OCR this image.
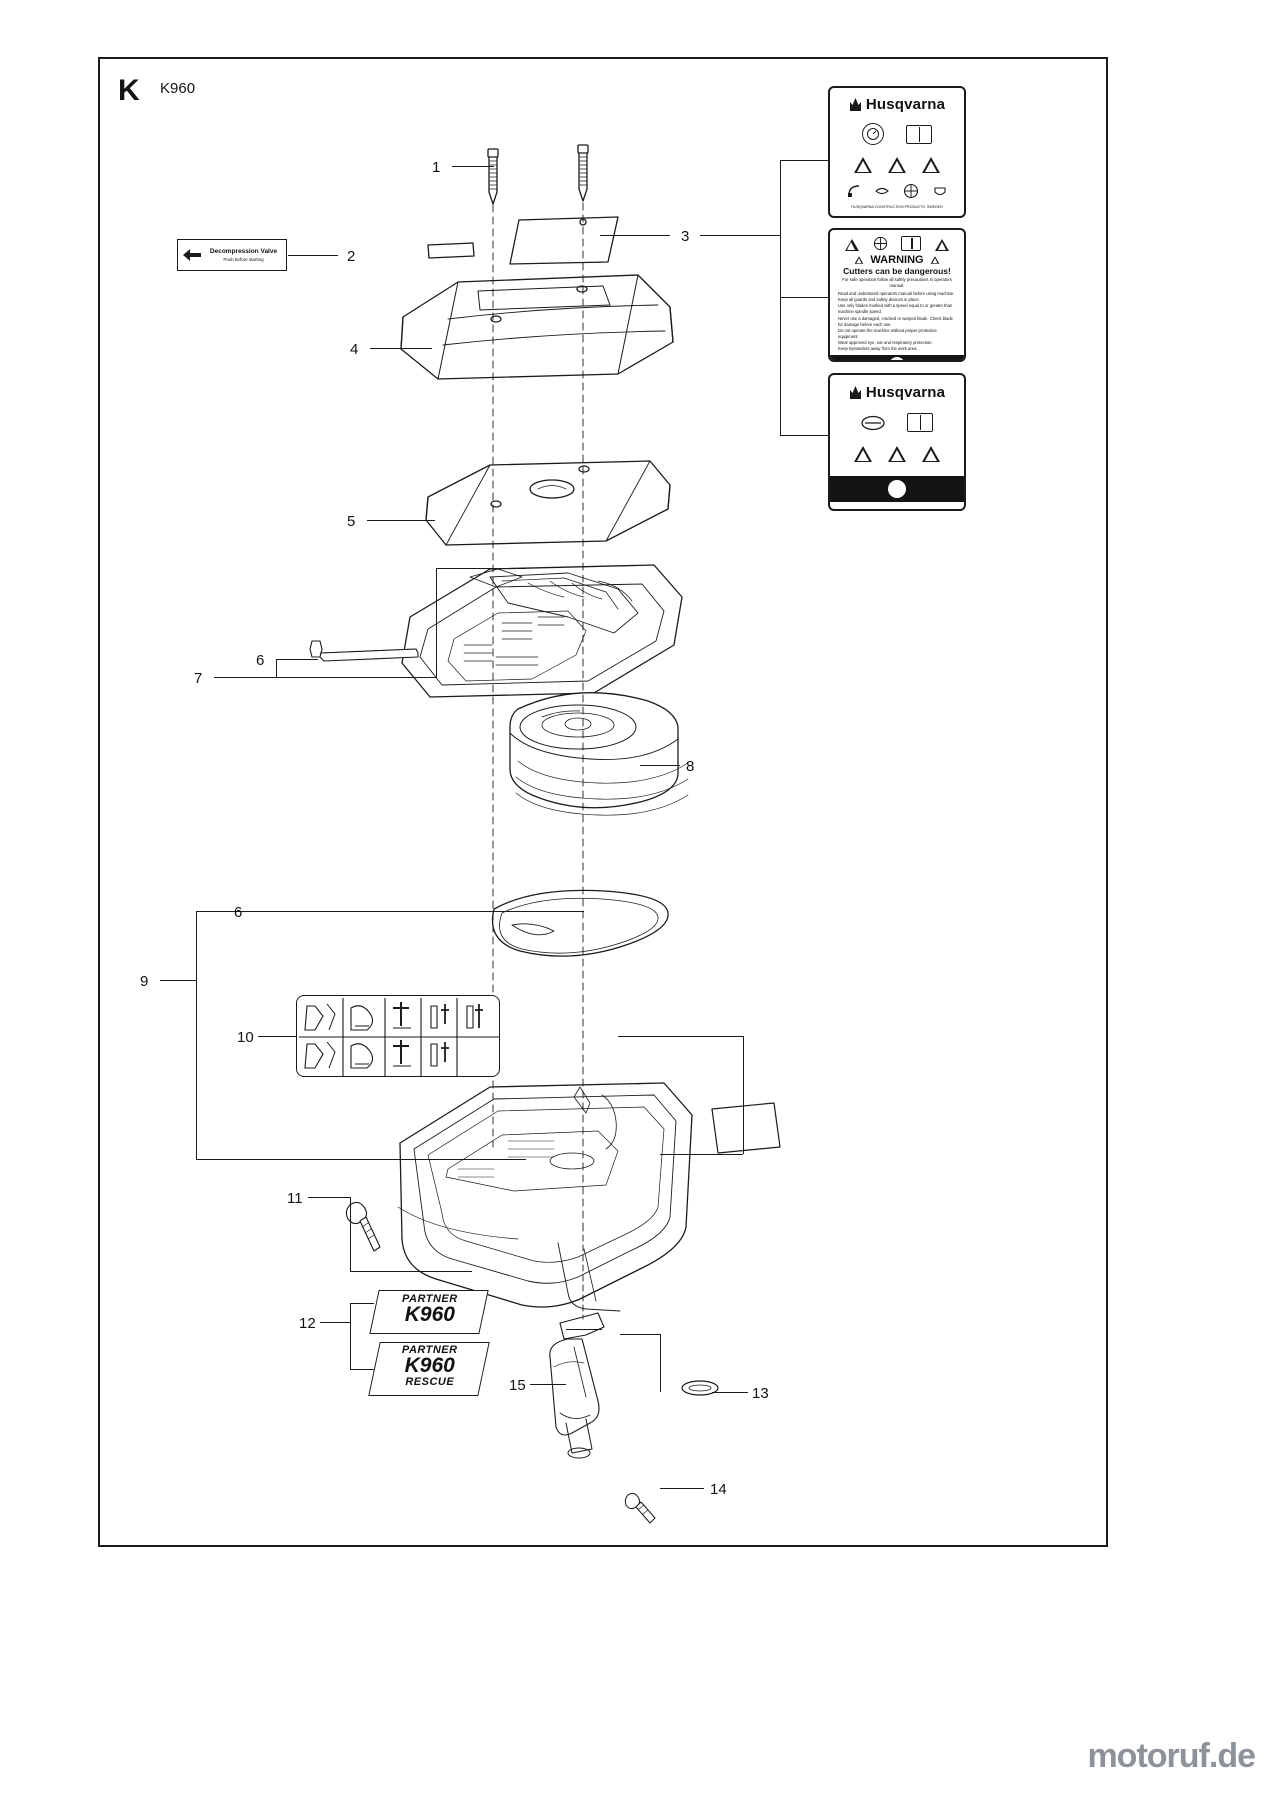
K K960
1
2
3
4
5
6
7
8
6
9
10
11
12
13
14
15
Decompression Valve
Push before starting
Husqvarna
HUSQVARNA CONSTRUCTION PRODUCTS, SWEDEN
WARNING
Cutters can be dangerous!
For safe operation follow all safety precautions in operators manual.
Read and understand operators manual before using machine. Keep all guards and safety devices in place.
Use only blades marked with a speed equal to or greater than machine spindle speed.
Never use a damaged, cracked or warped blade. Check blade for damage before each use.
Do not operate the machine without proper protective equipment.
Wear approved eye, ear and respiratory protection.
Keep bystanders away from the work area.
Husqvarna
PARTNER
K960
PARTNER
K960
RESCUE
motoruf.de
